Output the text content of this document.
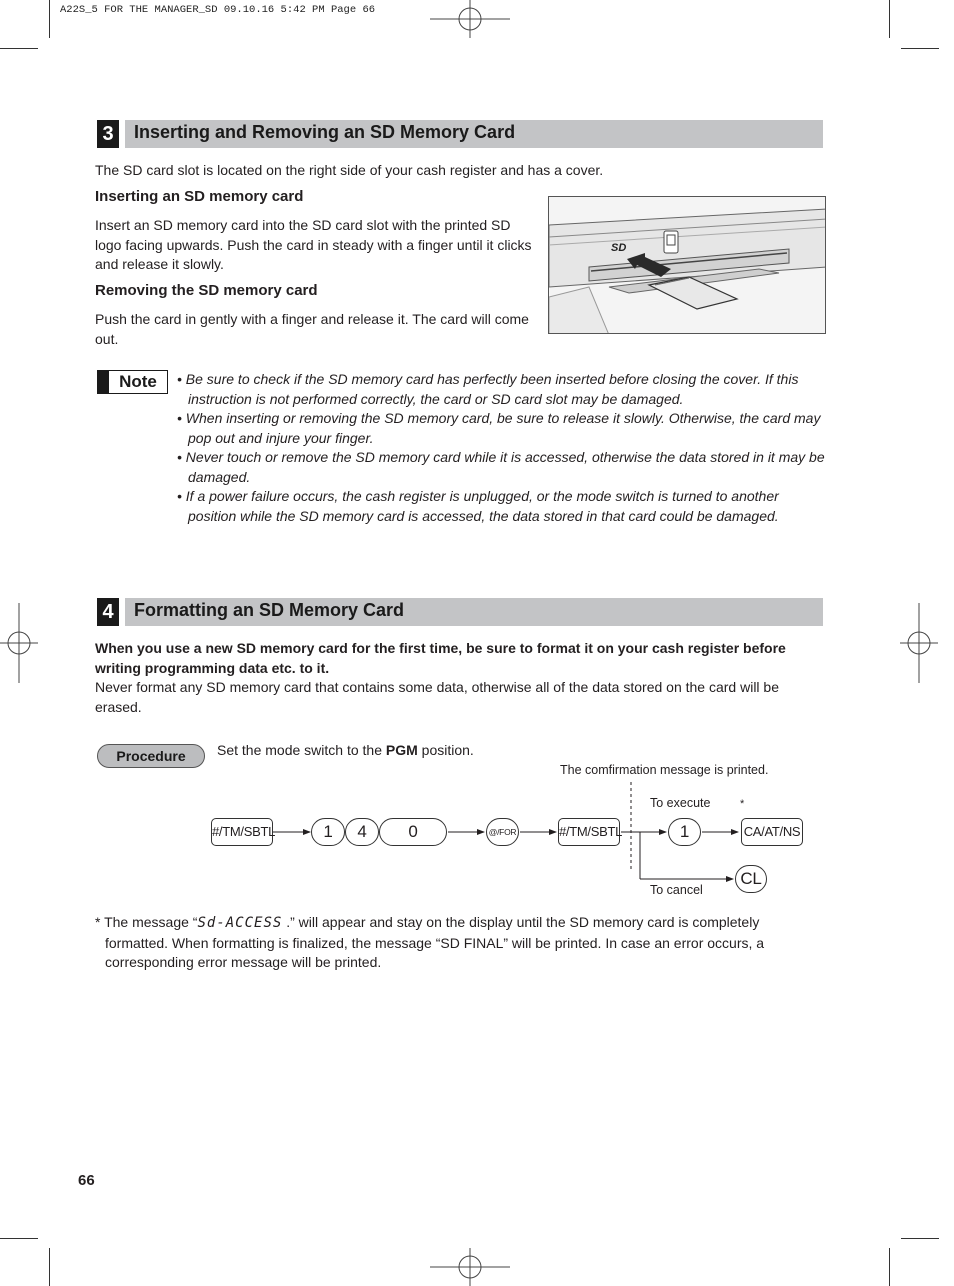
A22S_5 FOR THE MANAGER_SD 09.10.16 5:42 PM Page 66
3	Inserting and Removing an SD Memory Card
The SD card slot is located on the right side of your cash register and has a cover.
Inserting an SD memory card
Insert an SD memory card into the SD card slot with the printed SD logo facing upwards. Push the card in steady with a finger until it clicks and release it slowly.
Removing the SD memory card
Push the card in gently with a finger and release it. The card will come out.
SD
Note	• Be sure to check if the SD memory card has perfectly been inserted before closing the cover. If this instruction is not performed correctly, the card or SD card slot may be damaged.
• When inserting or removing the SD memory card, be sure to release it slowly. Otherwise, the card may pop out and injure your finger.
• Never touch or remove the SD memory card while it is accessed, otherwise the data stored in it may be damaged.
• If a power failure occurs, the cash register is unplugged, or the mode switch is turned to another position while the SD memory card is accessed, the data stored in that card could be damaged.
4	Formatting an SD Memory Card
When you use a new SD memory card for the first time, be sure to format it on your cash register before writing programming data etc. to it.
Never format any SD memory card that contains some data, otherwise all of the data stored on the card will be erased.
Procedure	Set the mode switch to the PGM position.
The comfirmation message is printed.
To execute	*
To cancel
#/TM/SBTL	1	4	0	@/FOR	#/TM/SBTL	1	CA/AT/NS
CL
* The message “Sd-ACCESS .” will appear and stay on the display until the SD memory card is completely formatted. When formatting is finalized, the message “SD FINAL” will be printed. In case an error occurs, a corresponding error message will be printed.
66
